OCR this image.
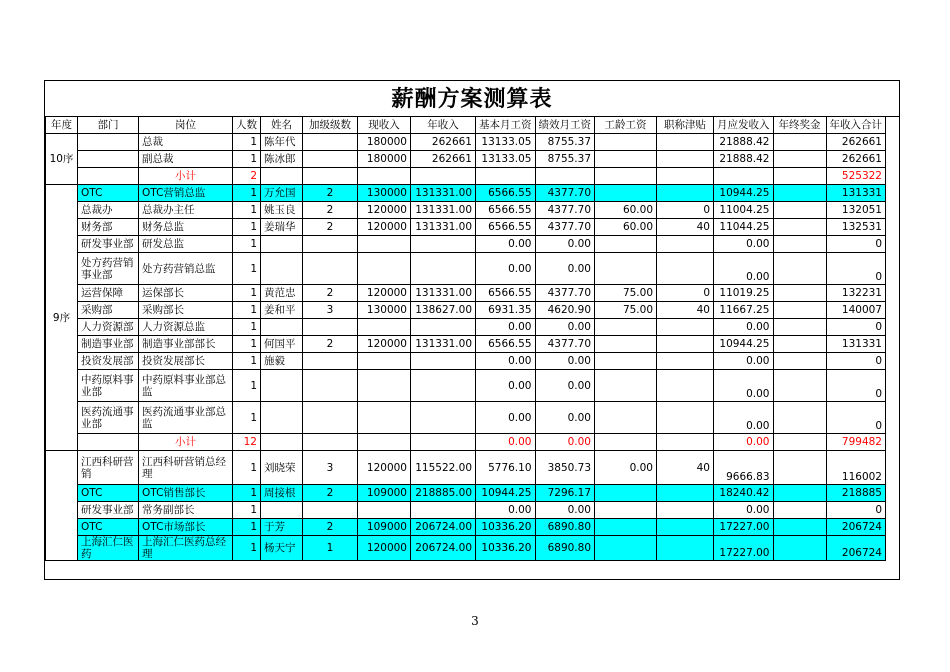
薪酬方案测算表
年度	部门	岗位	人数	姓名	加级级数	现收入	年收入	基本月工资	绩效月工资	工龄工资	职称津贴	月应发收入	年终奖金	年收入合计
10序		总裁	1	陈年代		180000	262661	13133.05	8755.37			21888.42		262661
		副总裁	1	陈冰郎		180000	262661	13133.05	8755.37			21888.42		262661
		小计	2											525322
9序	OTC	OTC营销总监	1	万允国	2	130000	131331.00	6566.55	4377.70			10944.25		131331
	总裁办	总裁办主任	1	姚玉良	2	120000	131331.00	6566.55	4377.70	60.00	0	11004.25		132051
	财务部	财务总监	1	姜瑞华	2	120000	131331.00	6566.55	4377.70	60.00	40	11044.25		132531
	研发事业部	研发总监	1					0.00	0.00			0.00		0
	处方药营销事业部	处方药营销总监	1					0.00	0.00			0.00		0
	运营保障	运保部长	1	黄范忠	2	120000	131331.00	6566.55	4377.70	75.00	0	11019.25		132231
	采购部	采购部长	1	姜和平	3	130000	138627.00	6931.35	4620.90	75.00	40	11667.25		140007
	人力资源部	人力资源总监	1					0.00	0.00			0.00		0
	制造事业部	制造事业部部长	1	何国平	2	120000	131331.00	6566.55	4377.70			10944.25		131331
	投资发展部	投资发展部长	1	施毅				0.00	0.00			0.00		0
	中药原料事业部	中药原料事业部总监	1					0.00	0.00			0.00		0
	医药流通事业部	医药流通事业部总监	1					0.00	0.00			0.00		0
		小计	12					0.00	0.00			0.00		799482
	江西科研营销	江西科研营销总经理	1	刘晓荣	3	120000	115522.00	5776.10	3850.73	0.00	40	9666.83		116002
	OTC	OTC销售部长	1	周接根	2	109000	218885.00	10944.25	7296.17			18240.42		218885
	研发事业部	常务副部长	1					0.00	0.00			0.00		0
	OTC	OTC市场部长	1	于芳	2	109000	206724.00	10336.20	6890.80			17227.00		206724
	上海汇仁医药	上海汇仁医药总经理	1	杨天宁	1	120000	206724.00	10336.20	6890.80			17227.00		206724
3
